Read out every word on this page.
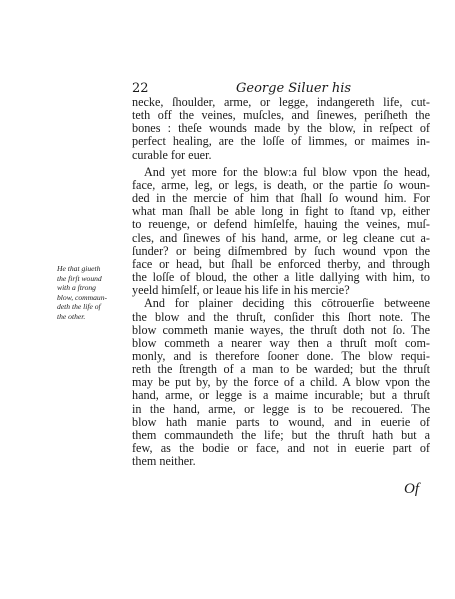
22	George Siluer his
necke, ſhoulder, arme, or legge, indangereth life, cut-
teth off the veines, muſcles, and ſinewes, periſheth the
bones : theſe wounds made by the blow, in reſpect of
perfect healing, are the loſſe of limmes, or maimes in-
curable for euer.
And yet more for the blow:a ful blow vpon the head,
face, arme, leg, or legs, is death, or the partie ſo woun-
ded in the mercie of him that ſhall ſo wound him. For
what man ſhall be able long in fight to ſtand vp, either
to reuenge, or defend himſelfe, hauing the veines, muſ-
cles, and ſinewes of his hand, arme, or leg cleane cut a-
ſunder? or being diſmembred by ſuch wound vpon the
face or head, but ſhall be enforced therby, and through
the loſſe of bloud, the other a litle dallying with him, to
yeeld himſelf, or leaue his life in his mercie?
And for plainer deciding this cōtrouerſie betweene
the blow and the thruſt, conſider this ſhort note. The
blow commeth manie wayes, the thruſt doth not ſo. The
blow commeth a nearer way then a thruſt moſt com-
monly, and is therefore ſooner done. The blow requi-
reth the ſtrength of a man to be warded; but the thruſt
may be put by, by the force of a child. A blow vpon the
hand, arme, or legge is a maime incurable; but a thruſt
in the hand, arme, or legge is to be recouered. The
blow hath manie parts to wound, and in euerie of
them commaundeth the life; but the thruſt hath but a
few, as the bodie or face, and not in euerie part of
them neither.
He that giueth
the firſt wound
with a ſtrong
blow, commaun-
deth the life of
the other.
Of
